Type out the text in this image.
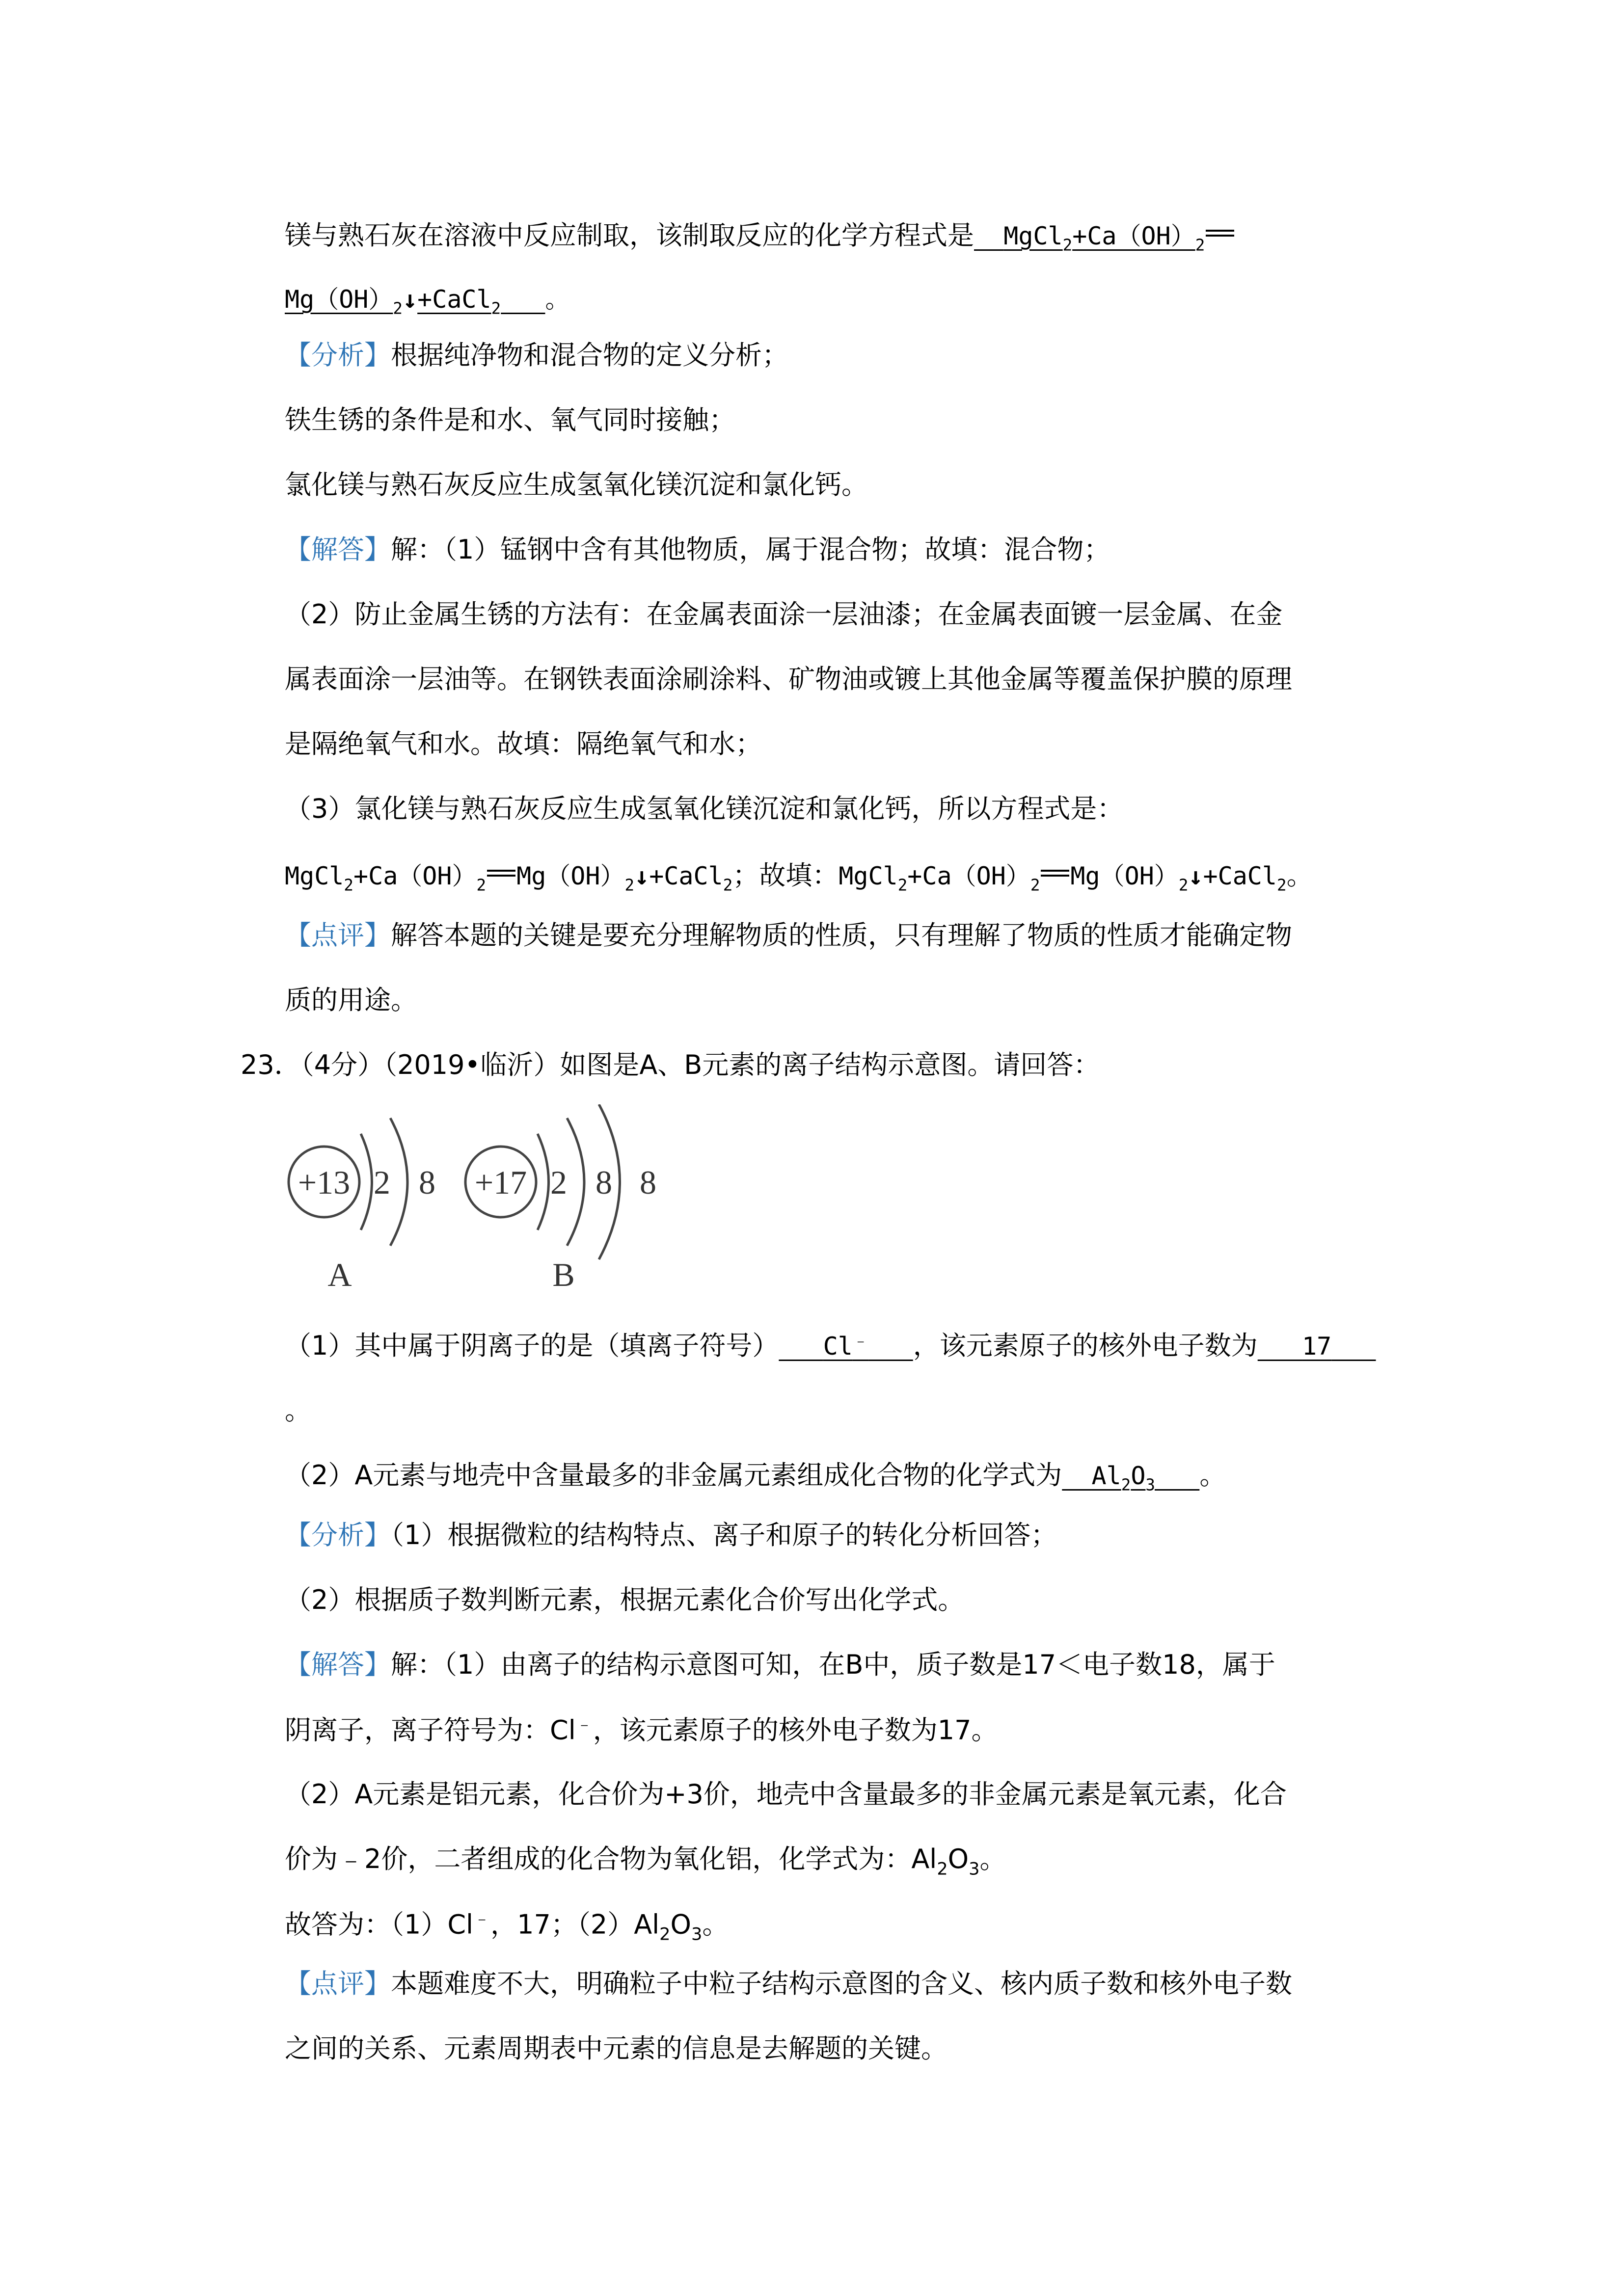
镁与熟石灰在溶液中反应制取，该制取反应的化学方程式是 $MgCl_2+Ca(OH)_2$
$Mg(OH)_2↓+CaCl_2$ 。
【分析】根据纯净物和混合物的定义分析；
铁生锈的条件是和水、氧气同时接触；
氯化镁与熟石灰反应生成氢氧化镁沉淀和氯化钙。
【解答】解：（1）锰钢中含有其他物质，属于混合物；故填：混合物；
（2）防止金属生锈的方法有：在金属表面涂一层油漆；在金属表面镀一层金属、在金
属表面涂一层油等。在钢铁表面涂刷涂料、矿物油或镀上其他金属等覆盖保护膜的原理
是隔绝氧气和水。故填：隔绝氧气和水；
（3）氯化镁与熟石灰反应生成氢氧化镁沉淀和氯化钙，所以方程式是：
$MgCl_2+Ca(OH)_2$ $Mg(OH)_2↓+CaCl_2$；故填：$MgCl_2+Ca(OH)_2$ $Mg(OH)_2↓+CaCl_2$。
【点评】解答本题的关键是要充分理解物质的性质，只有理解了物质的性质才能确定物
质的用途。
23．（4分）（2019•临沂）如图是A、B元素的离子结构示意图。请回答：
+13 2 8 +17 2 8 8
A	B
（1）其中属于阴离子的是（填离子符号） Cl﹣ ，该元素原子的核外电子数为 17
。
（2）A元素与地壳中含量最多的非金属元素组成化合物的化学式为 $Al_2O_3$ 。
【分析】（1）根据微粒的结构特点、离子和原子的转化分析回答；
（2）根据质子数判断元素，根据元素化合价写出化学式。
【解答】解：（1）由离子的结构示意图可知，在B中，质子数是17＜电子数18，属于
阴离子，离子符号为：Cl﹣，该元素原子的核外电子数为17。
（2）A元素是铝元素，化合价为+3价，地壳中含量最多的非金属元素是氧元素，化合
价为﹣2价，二者组成的化合物为氧化铝，化学式为：$Al_2O_3$。
故答为：（1）Cl﹣，17；$(2)Al_2O_3$。
【点评】本题难度不大，明确粒子中粒子结构示意图的含义、核内质子数和核外电子数
之间的关系、元素周期表中元素的信息是去解题的关键。
